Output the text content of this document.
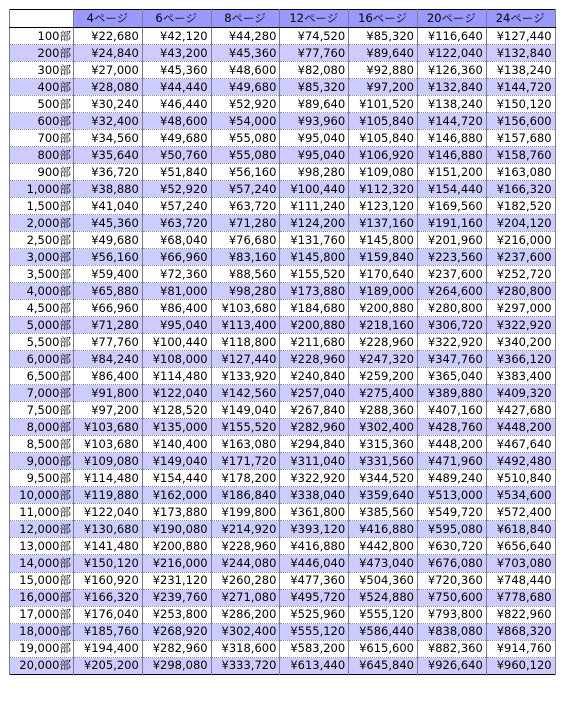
	4ページ	6ページ	8ページ	12ページ	16ページ	20ページ	24ページ
100部	¥22,680	¥42,120	¥44,280	¥74,520	¥85,320	¥116,640	¥127,440
200部	¥24,840	¥43,200	¥45,360	¥77,760	¥89,640	¥122,040	¥132,840
300部	¥27,000	¥45,360	¥48,600	¥82,080	¥92,880	¥126,360	¥138,240
400部	¥28,080	¥44,440	¥49,680	¥85,320	¥97,200	¥132,840	¥144,720
500部	¥30,240	¥46,440	¥52,920	¥89,640	¥101,520	¥138,240	¥150,120
600部	¥32,400	¥48,600	¥54,000	¥93,960	¥105,840	¥144,720	¥156,600
700部	¥34,560	¥49,680	¥55,080	¥95,040	¥105,840	¥146,880	¥157,680
800部	¥35,640	¥50,760	¥55,080	¥95,040	¥106,920	¥146,880	¥158,760
900部	¥36,720	¥51,840	¥56,160	¥98,280	¥109,080	¥151,200	¥163,080
1,000部	¥38,880	¥52,920	¥57,240	¥100,440	¥112,320	¥154,440	¥166,320
1,500部	¥41,040	¥57,240	¥63,720	¥111,240	¥123,120	¥169,560	¥182,520
2,000部	¥45,360	¥63,720	¥71,280	¥124,200	¥137,160	¥191,160	¥204,120
2,500部	¥49,680	¥68,040	¥76,680	¥131,760	¥145,800	¥201,960	¥216,000
3,000部	¥56,160	¥66,960	¥83,160	¥145,800	¥159,840	¥223,560	¥237,600
3,500部	¥59,400	¥72,360	¥88,560	¥155,520	¥170,640	¥237,600	¥252,720
4,000部	¥65,880	¥81,000	¥98,280	¥173,880	¥189,000	¥264,600	¥280,800
4,500部	¥66,960	¥86,400	¥103,680	¥184,680	¥200,880	¥280,800	¥297,000
5,000部	¥71,280	¥95,040	¥113,400	¥200,880	¥218,160	¥306,720	¥322,920
5,500部	¥77,760	¥100,440	¥118,800	¥211,680	¥228,960	¥322,920	¥340,200
6,000部	¥84,240	¥108,000	¥127,440	¥228,960	¥247,320	¥347,760	¥366,120
6,500部	¥86,400	¥114,480	¥133,920	¥240,840	¥259,200	¥365,040	¥383,400
7,000部	¥91,800	¥122,040	¥142,560	¥257,040	¥275,400	¥389,880	¥409,320
7,500部	¥97,200	¥128,520	¥149,040	¥267,840	¥288,360	¥407,160	¥427,680
8,000部	¥103,680	¥135,000	¥155,520	¥282,960	¥302,400	¥428,760	¥448,200
8,500部	¥103,680	¥140,400	¥163,080	¥294,840	¥315,360	¥448,200	¥467,640
9,000部	¥109,080	¥149,040	¥171,720	¥311,040	¥331,560	¥471,960	¥492,480
9,500部	¥114,480	¥154,440	¥178,200	¥322,920	¥344,520	¥489,240	¥510,840
10,000部	¥119,880	¥162,000	¥186,840	¥338,040	¥359,640	¥513,000	¥534,600
11,000部	¥122,040	¥173,880	¥199,800	¥361,800	¥385,560	¥549,720	¥572,400
12,000部	¥130,680	¥190,080	¥214,920	¥393,120	¥416,880	¥595,080	¥618,840
13,000部	¥141,480	¥200,880	¥228,960	¥416,880	¥442,800	¥630,720	¥656,640
14,000部	¥150,120	¥216,000	¥244,080	¥446,040	¥473,040	¥676,080	¥703,080
15,000部	¥160,920	¥231,120	¥260,280	¥477,360	¥504,360	¥720,360	¥748,440
16,000部	¥166,320	¥239,760	¥271,080	¥495,720	¥524,880	¥750,600	¥778,680
17,000部	¥176,040	¥253,800	¥286,200	¥525,960	¥555,120	¥793,800	¥822,960
18,000部	¥185,760	¥268,920	¥302,400	¥555,120	¥586,440	¥838,080	¥868,320
19,000部	¥194,400	¥282,960	¥318,600	¥583,200	¥615,600	¥882,360	¥914,760
20,000部	¥205,200	¥298,080	¥333,720	¥613,440	¥645,840	¥926,640	¥960,120
